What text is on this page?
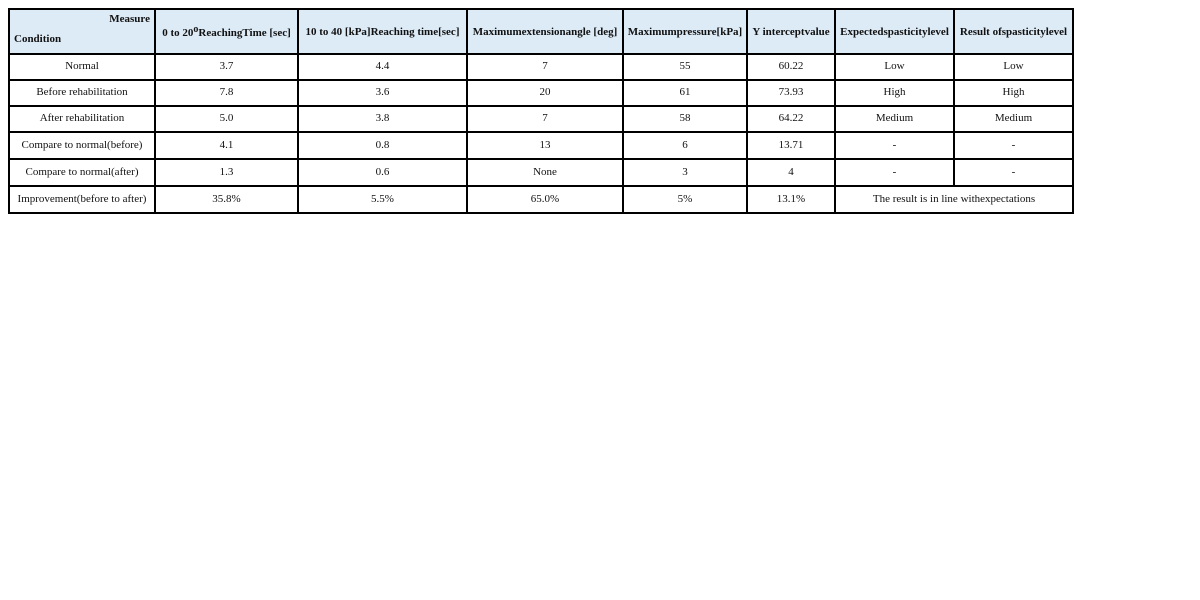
Measure
Condition	0 to 20oReachingTime [sec]	10 to 40 [kPa]Reaching time[sec]	Maximumextensionangle [deg]	Maximumpressure[kPa]	Y interceptvalue	Expectedspasticitylevel	Result ofspasticitylevel
Normal	3.7	4.4	7	55	60.22	Low	Low
Before rehabilitation	7.8	3.6	20	61	73.93	High	High
After rehabilitation	5.0	3.8	7	58	64.22	Medium	Medium
Compare to normal(before)	4.1	0.8	13	6	13.71	-	-
Compare to normal(after)	1.3	0.6	None	3	4	-	-
Improvement(before to after)	35.8%	5.5%	65.0%	5%	13.1%	The result is in line withexpectations	
